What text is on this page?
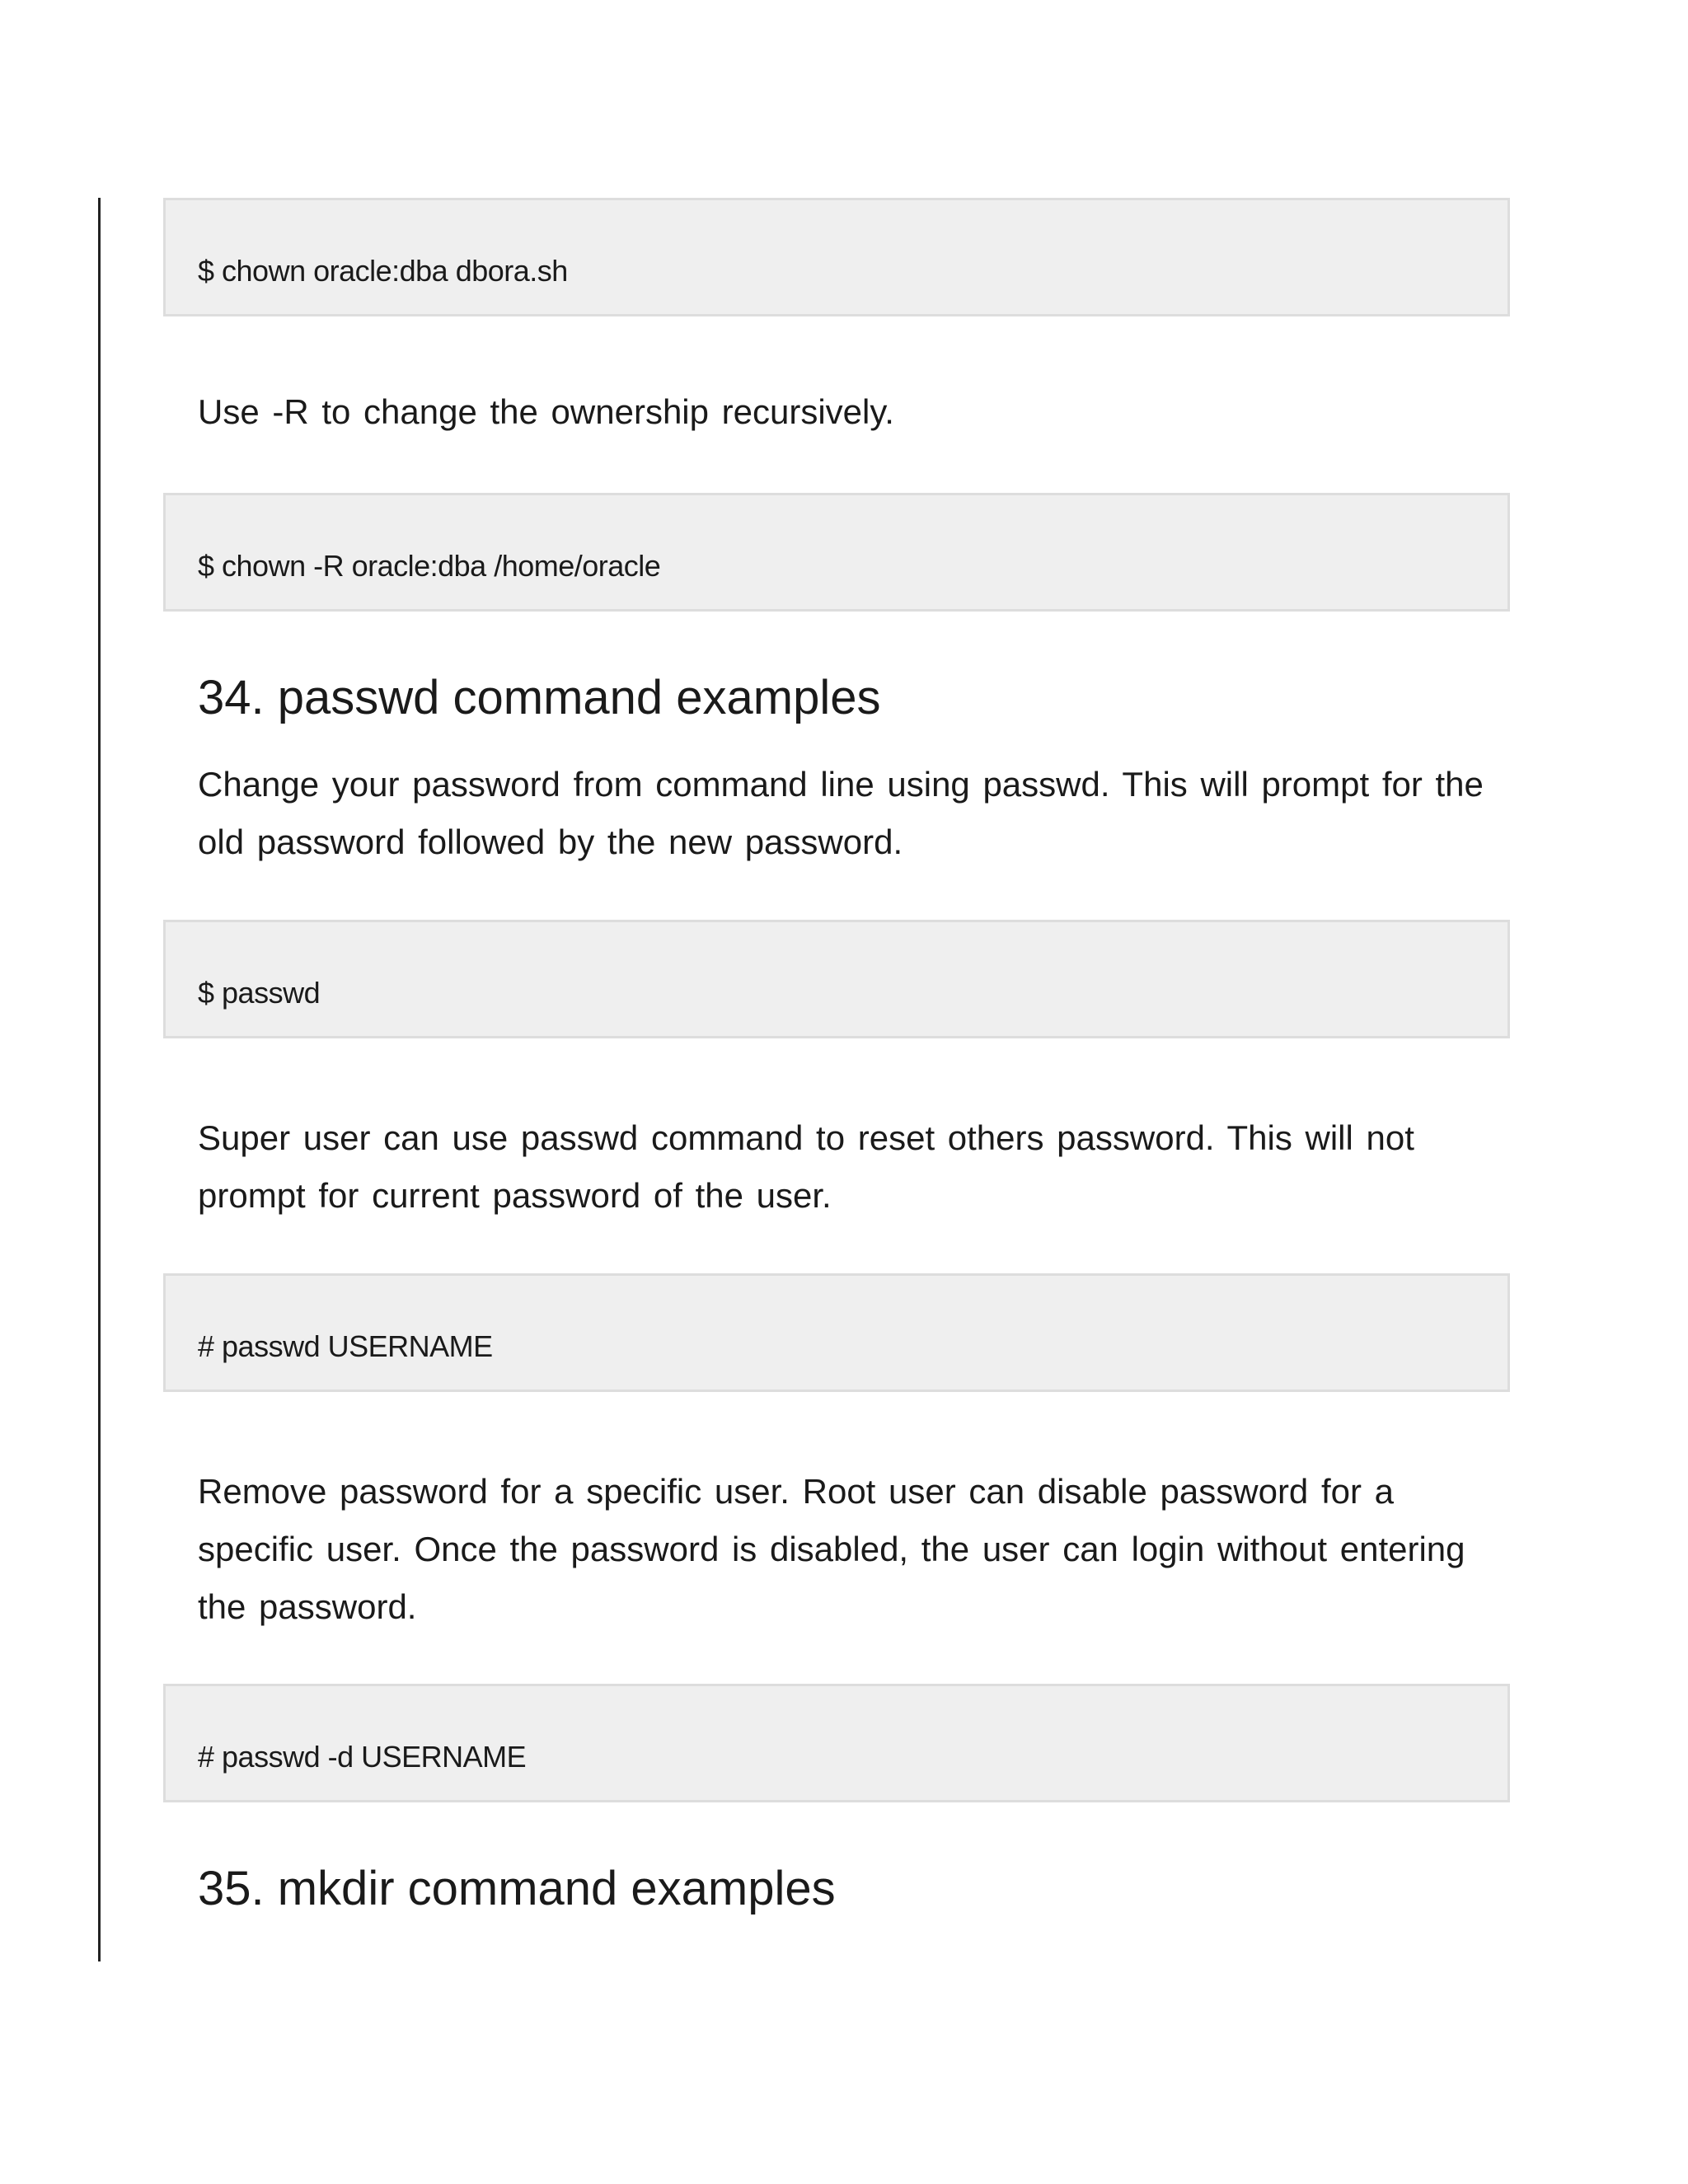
$ chown oracle:dba dbora.sh

Use -R to change the ownership recursively.

$ chown -R oracle:dba /home/oracle
34. passwd command examples

Change your password from command line using passwd. This will prompt for the old password followed by the new password.

$ passwd

Super user can use passwd command to reset others password. This will not prompt for current password of the user.

# passwd USERNAME

Remove password for a specific user. Root user can disable password for a specific user. Once the password is disabled, the user can login without entering the password.

# passwd -d USERNAME
35. mkdir command examples
